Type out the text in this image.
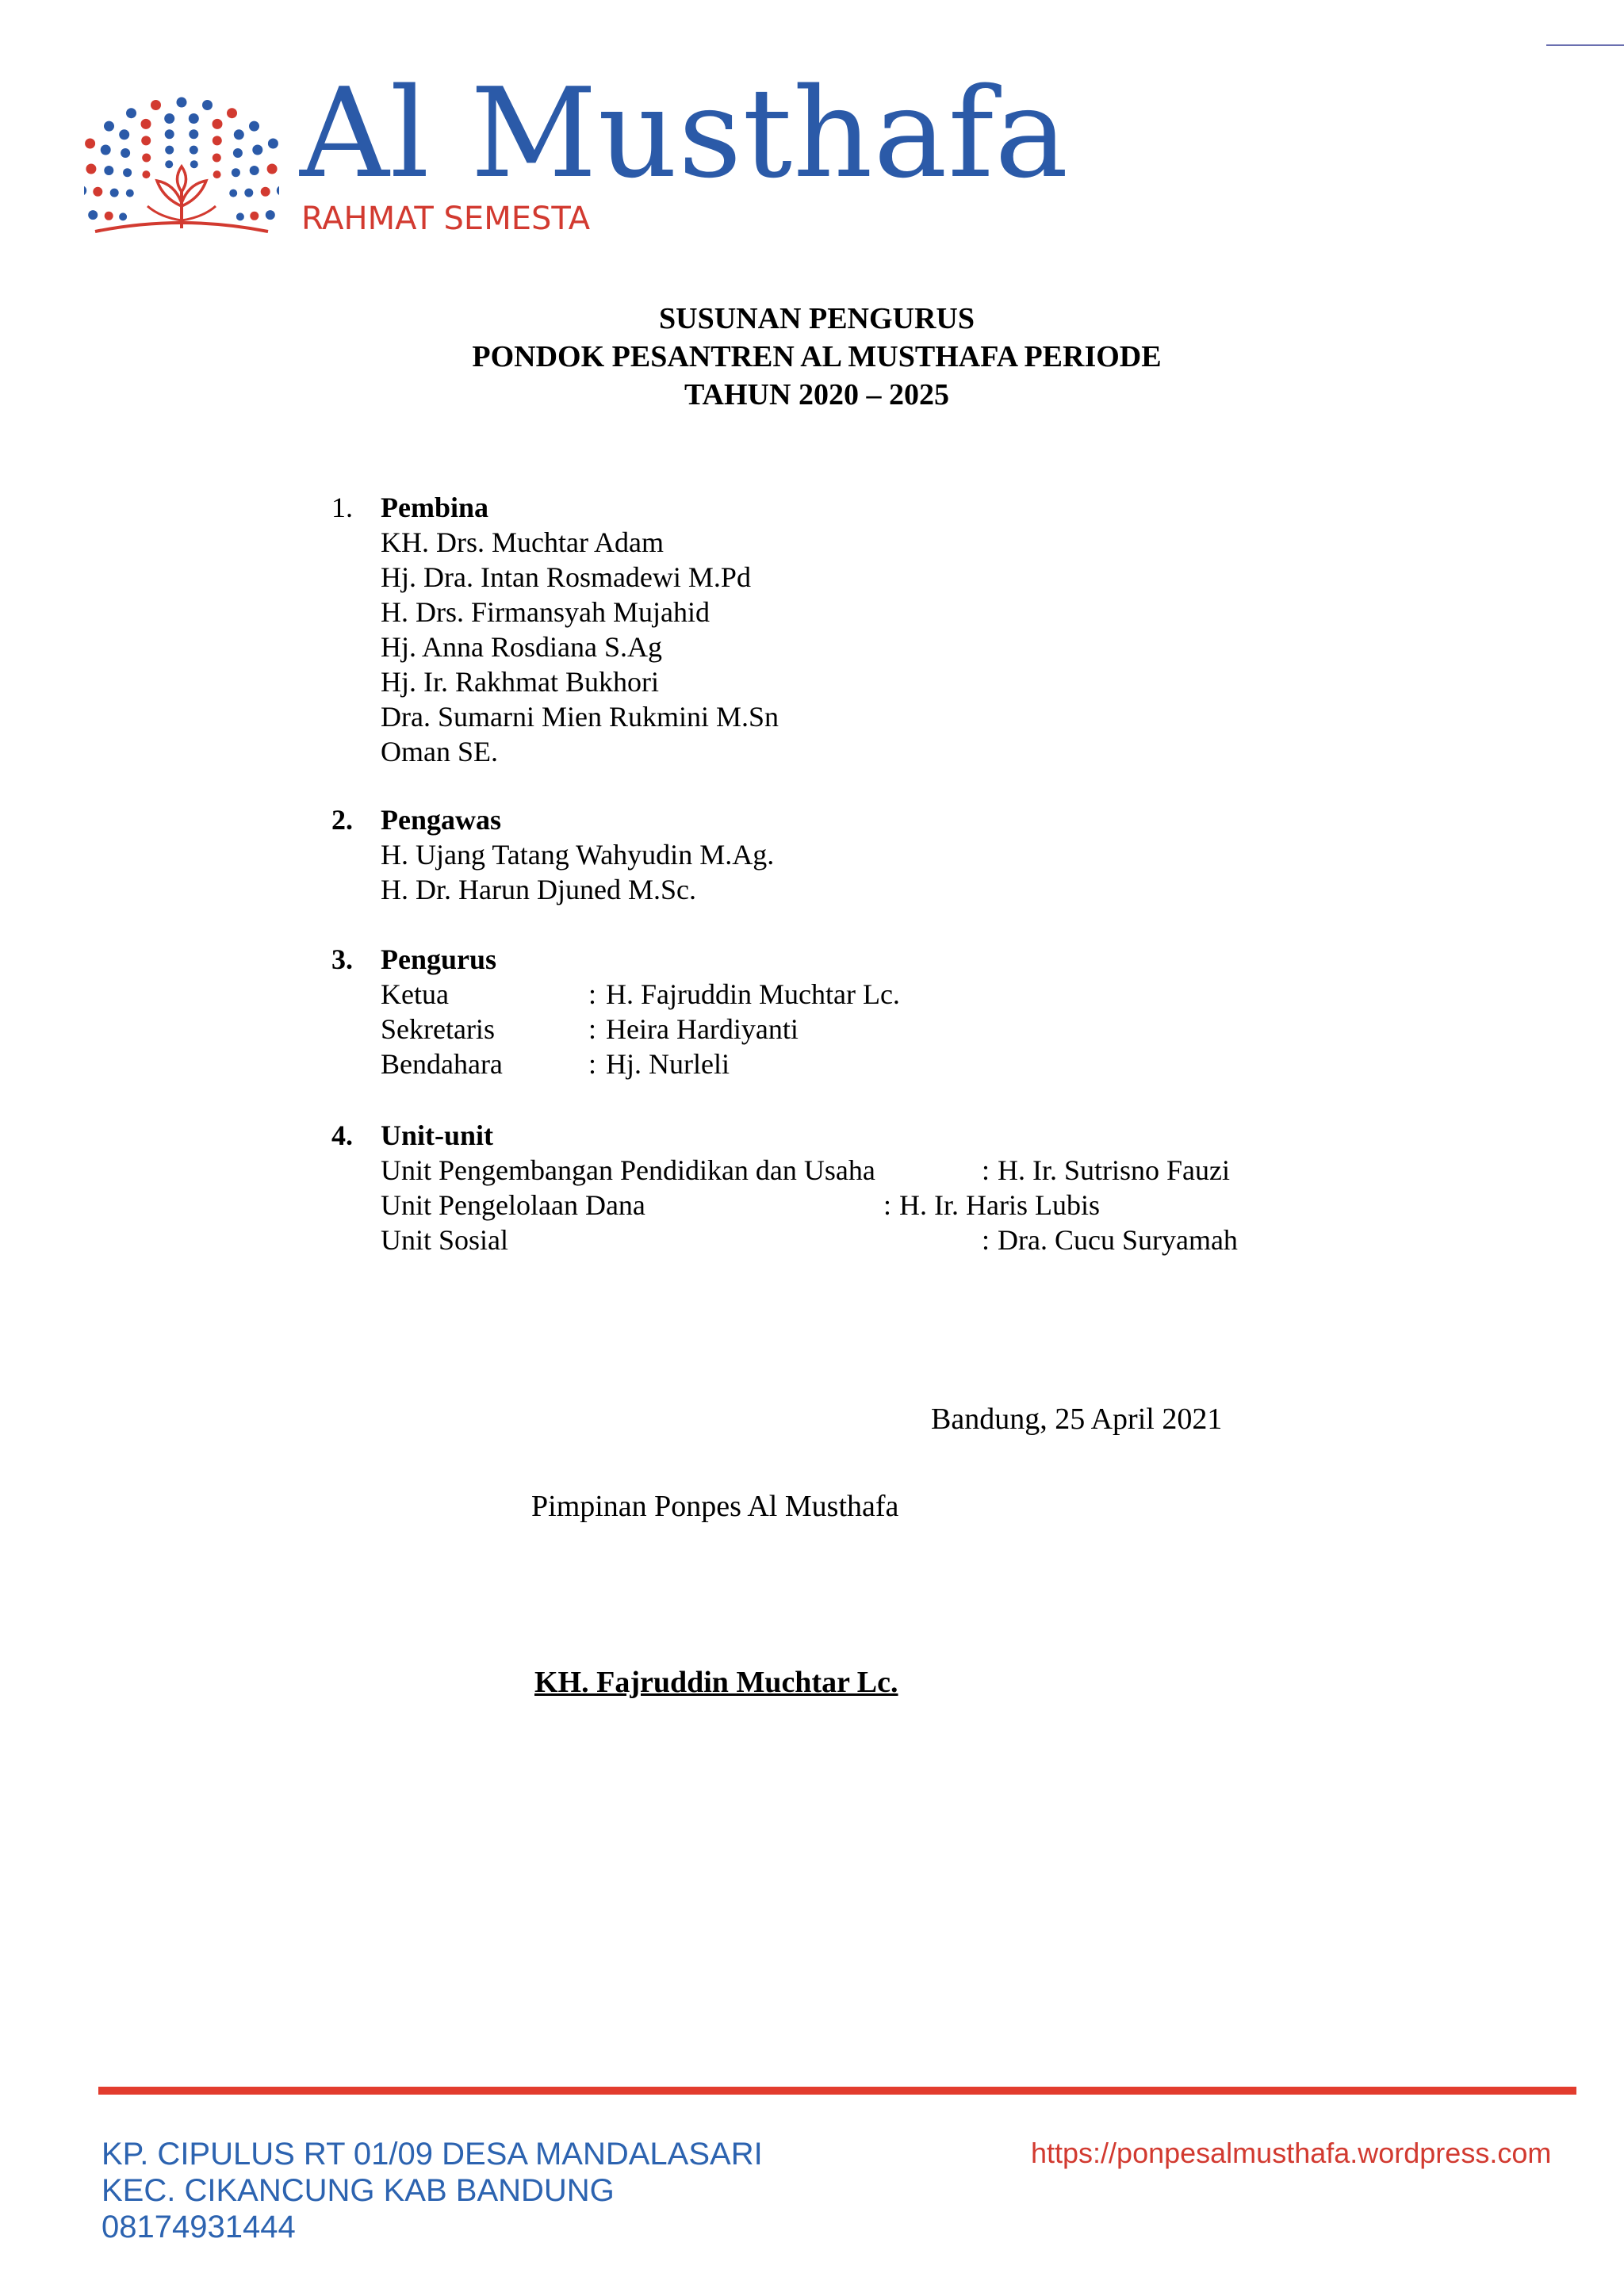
Al Musthafa
RAHMAT SEMESTA
SUSUNAN PENGURUS
PONDOK PESANTREN AL MUSTHAFA PERIODE
TAHUN 2020 – 2025
1. Pembina
KH. Drs. Muchtar Adam
Hj. Dra. Intan Rosmadewi M.Pd
H. Drs. Firmansyah Mujahid
Hj. Anna Rosdiana S.Ag
Hj. Ir. Rakhmat Bukhori
Dra. Sumarni Mien Rukmini M.Sn
Oman SE.
2. Pengawas
H. Ujang Tatang Wahyudin M.Ag.
H. Dr. Harun Djuned M.Sc.
3. Pengurus
Ketua	: H. Fajruddin Muchtar Lc.
Sekretaris	: Heira Hardiyanti
Bendahara	: Hj. Nurleli
4. Unit-unit
Unit Pengembangan Pendidikan dan Usaha	: H. Ir. Sutrisno Fauzi
Unit Pengelolaan Dana	: H. Ir. Haris Lubis
Unit Sosial	: Dra. Cucu Suryamah
Bandung, 25 April 2021
Pimpinan Ponpes Al Musthafa
KH. Fajruddin Muchtar Lc.
KP. CIPULUS RT 01/09 DESA MANDALASARI
KEC. CIKANCUNG KAB BANDUNG
08174931444
https://ponpesalmusthafa.wordpress.com
